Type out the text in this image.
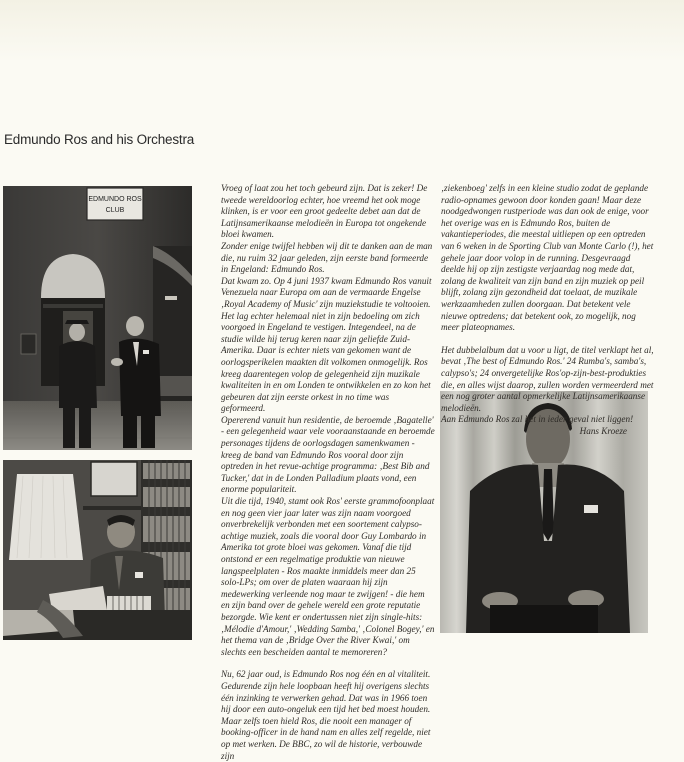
Edmundo Ros and his Orchestra
EDMUNDO ROS
CLUB

Vroeg of laat zou het toch gebeurd zijn. Dat is zeker! De tweede wereldoorlog echter, hoe vreemd het ook moge klinken, is er voor een groot gedeelte debet aan dat de Latijnsamerikaanse melodieën in Europa tot ongekende bloei kwamen.

Zonder enige twijfel hebben wij dit te danken aan de man die, nu ruim 32 jaar geleden, zijn eerste band formeerde in Engeland: Edmundo Ros.

Dat kwam zo. Op 4 juni 1937 kwam Edmundo Ros vanuit Venezuela naar Europa om aan de vermaarde Engelse ‚Royal Academy of Music' zijn muziekstudie te voltooien. Het lag echter helemaal niet in zijn bedoeling om zich voorgoed in Engeland te vestigen. Integendeel, na de studie wilde hij terug keren naar zijn geliefde Zuid-Amerika. Daar is echter niets van gekomen want de oorlogsperikelen maakten dit volkomen onmogelijk. Ros kreeg daarentegen volop de gelegenheid zijn muzikale kwaliteiten in en om Londen te ontwikkelen en zo kon het gebeuren dat zijn eerste orkest in no time was geformeerd.

Opererend vanuit hun residentie, de beroemde ‚Bagatelle' - een gelegenheid waar vele vooraanstaande en beroemde personages tijdens de oorlogsdagen samenkwamen - kreeg de band van Edmundo Ros vooral door zijn optreden in het revue-achtige programma: ‚Best Bib and Tucker,' dat in de Londen Palladium plaats vond, een enorme populariteit.

Uit die tijd, 1940, stamt ook Ros' eerste grammofoonplaat en nog geen vier jaar later was zijn naam voorgoed onverbrekelijk verbonden met een soortement calypso-achtige muziek, zoals die vooral door Guy Lombardo in Amerika tot grote bloei was gekomen. Vanaf die tijd ontstond er een regelmatige produktie van nieuwe langspeelplaten - Ros maakte inmiddels meer dan 25 solo-LPs; om over de platen waaraan hij zijn medewerking verleende nog maar te zwijgen! - die hem en zijn band over de gehele wereld een grote reputatie bezorgde. Wie kent er ondertussen niet zijn single-hits: ‚Mélodie d'Amour,' ‚Wedding Samba,' ‚Colonel Bogey,' en het thema van de ‚Bridge Over the River Kwai,' om slechts een bescheiden aantal te memoreren?

Nu, 62 jaar oud, is Edmundo Ros nog één en al vitaliteit. Gedurende zijn hele loopbaan heeft hij overigens slechts één inzinking te verwerken gehad. Dat was in 1966 toen hij door een auto-ongeluk een tijd het bed moest houden. Maar zelfs toen hield Ros, die nooit een manager of booking-officer in de hand nam en alles zelf regelde, niet op met werken. De BBC, zo wil de historie, verbouwde zijn

‚ziekenboeg' zelfs in een kleine studio zodat de geplande radio-opnames gewoon door konden gaan! Maar deze noodgedwongen rustperiode was dan ook de enige, voor het overige was en is Edmundo Ros, buiten de vakantieperiodes, die meestal uitliepen op een optreden van 6 weken in de Sporting Club van Monte Carlo (!), het gehele jaar door volop in de running. Desgevraagd deelde hij op zijn zestigste verjaardag nog mede dat, zolang de kwaliteit van zijn band en zijn muziek op peil blijft, zolang zijn gezondheid dat toelaat, de muzikale werkzaamheden zullen doorgaan. Dat betekent vele nieuwe optredens; dat betekent ook, zo mogelijk, nog meer plateopnames.

Het dubbelalbum dat u voor u ligt, de titel verklapt het al, bevat ‚The best of Edmundo Ros.' 24 Rumba's, samba's, calypso's; 24 onvergetelijke Ros'op-zijn-best-produkties die, en alles wijst daarop, zullen worden vermeerderd met een nog groter aantal opmerkelijke Latijnsamerikaanse melodieën.

Aan Edmundo Ros zal het in ieder geval niet liggen!

Hans Kroeze
